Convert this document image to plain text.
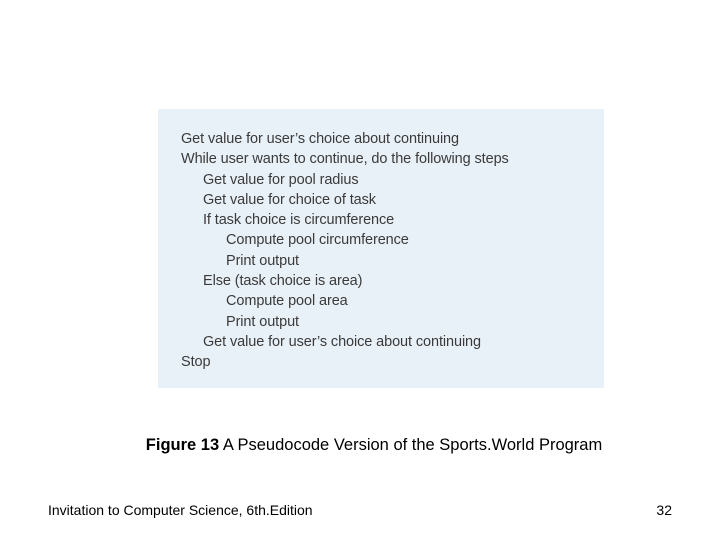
Get value for user’s choice about continuing
While user wants to continue, do the following steps
Get value for pool radius
Get value for choice of task
If task choice is circumference
Compute pool circumference
Print output
Else (task choice is area)
Compute pool area
Print output
Get value for user’s choice about continuing
Stop
Figure 13 A Pseudocode Version of the Sports.World Program
Invitation to Computer Science, 6th.Edition	32
